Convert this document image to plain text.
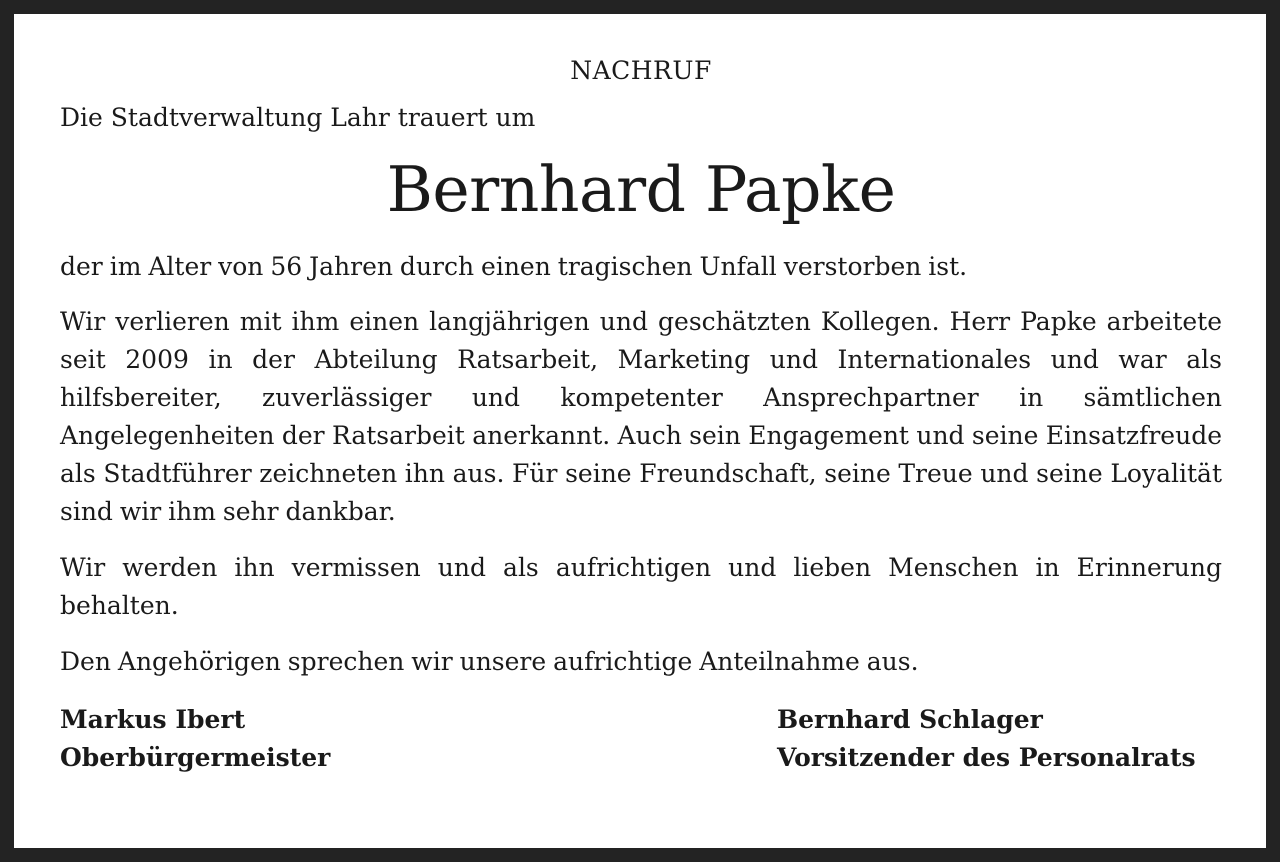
NACHRUF
Die Stadtverwaltung Lahr trauert um
Bernhard Papke
der im Alter von 56 Jahren durch einen tragischen Unfall verstorben ist.
Wir verlieren mit ihm einen langjährigen und geschätzten Kollegen. Herr Papke arbeitete seit 2009 in der Abteilung Ratsarbeit, Marketing und Internationales und war als hilfsbereiter, zuverlässiger und kompetenter Ansprechpartner in sämtlichen Angelegenheiten der Ratsarbeit anerkannt. Auch sein Engagement und seine Einsatzfreude als Stadtführer zeichneten ihn aus. Für seine Freundschaft, seine Treue und seine Loyalität sind wir ihm sehr dankbar.
Wir werden ihn vermissen und als aufrichtigen und lieben Menschen in Erinnerung behalten.
Den Angehörigen sprechen wir unsere aufrichtige Anteilnahme aus.
Markus Ibert
Oberbürgermeister
Bernhard Schlager
Vorsitzender des Personalrats
